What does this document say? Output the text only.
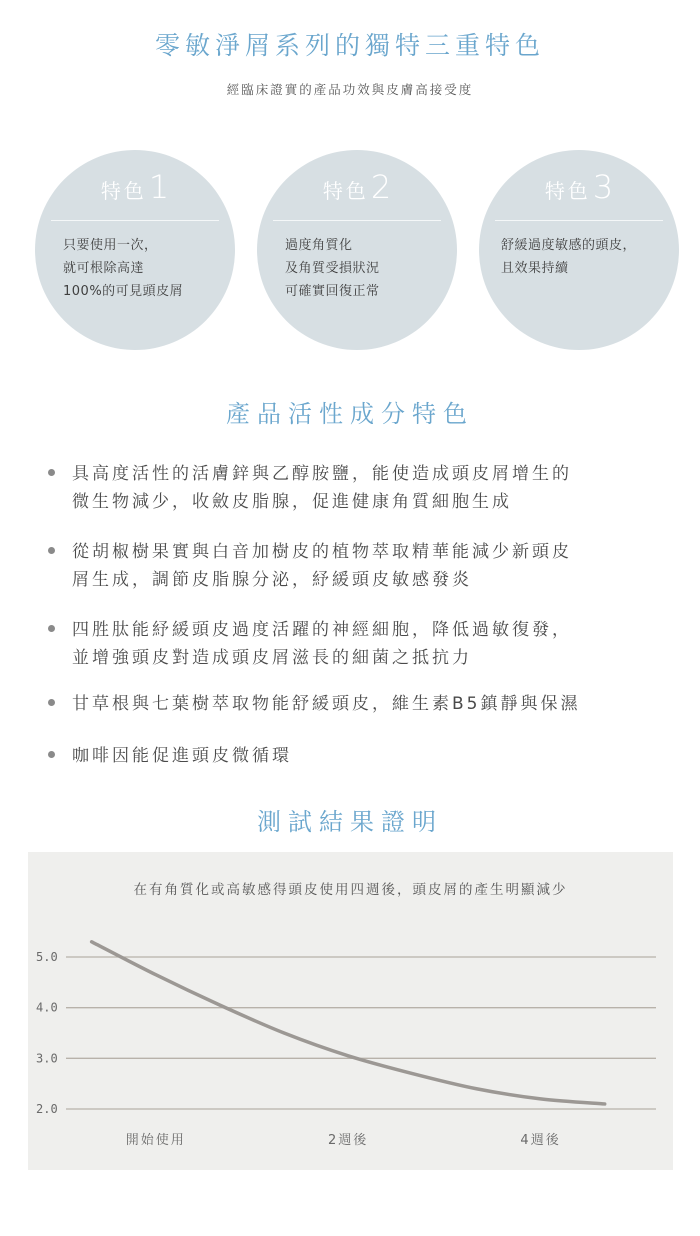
零敏淨屑系列的獨特三重特色

經臨床證實的產品功效與皮膚高接受度

特色1
只要使用一次，
就可根除高達
100%的可見頭皮屑
特色2
過度角質化
及角質受損狀況
可確實回復正常
特色3
舒緩過度敏感的頭皮，
且效果持續
產品活性成分特色
具高度活性的活膚鋅與乙醇胺鹽，能使造成頭皮屑增生的
微生物減少，收斂皮脂腺，促進健康角質細胞生成
從胡椒樹果實與白音加樹皮的植物萃取精華能減少新頭皮
屑生成，調節皮脂腺分泌，紓緩頭皮敏感發炎
四胜肽能紓緩頭皮過度活躍的神經細胞，降低過敏復發，
並增強頭皮對造成頭皮屑滋長的細菌之抵抗力
甘草根與七葉樹萃取物能舒緩頭皮，維生素B5鎮靜與保濕
咖啡因能促進頭皮微循環
測試結果證明
在有角質化或高敏感得頭皮使用四週後，頭皮屑的產生明顯減少
5.0
4.0
3.0
2.0
開始使用	2週後	4週後
